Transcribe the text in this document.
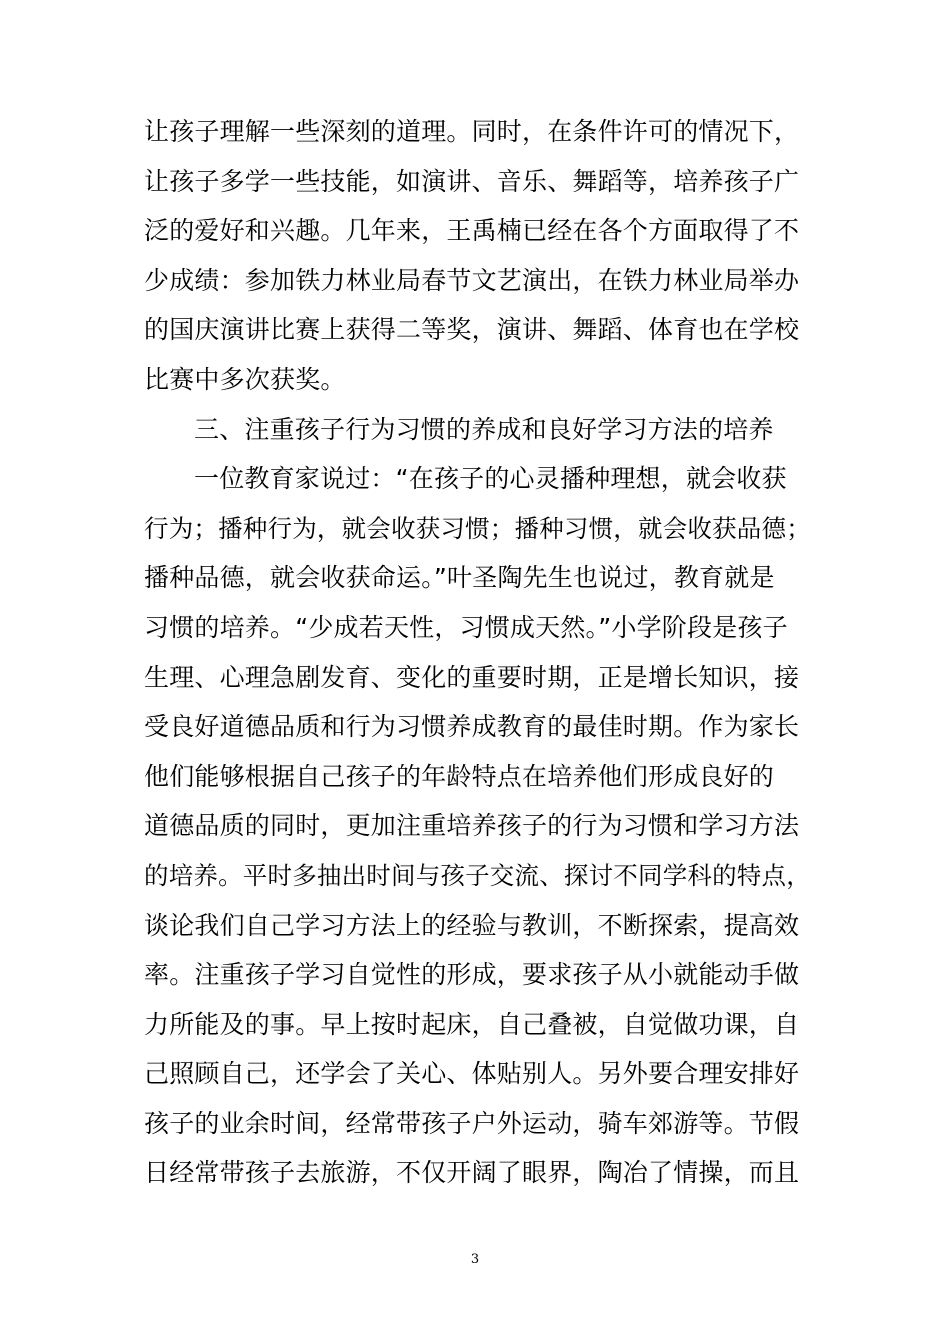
让孩子理解一些深刻的道理。同时，在条件许可的情况下，
让孩子多学一些技能，如演讲、音乐、舞蹈等，培养孩子广
泛的爱好和兴趣。几年来，王禹楠已经在各个方面取得了不
少成绩：参加铁力林业局春节文艺演出，在铁力林业局举办
的国庆演讲比赛上获得二等奖，演讲、舞蹈、体育也在学校
比赛中多次获奖。
三、注重孩子行为习惯的养成和良好学习方法的培养
一位教育家说过：“在孩子的心灵播种理想，就会收获
行为；播种行为，就会收获习惯；播种习惯，就会收获品德；
播种品德，就会收获命运。”叶圣陶先生也说过，教育就是
习惯的培养。“少成若天性，习惯成天然。”小学阶段是孩子
生理、心理急剧发育、变化的重要时期，正是增长知识，接
受良好道德品质和行为习惯养成教育的最佳时期。作为家长
他们能够根据自己孩子的年龄特点在培养他们形成良好的
道德品质的同时，更加注重培养孩子的行为习惯和学习方法
的培养。平时多抽出时间与孩子交流、探讨不同学科的特点，
谈论我们自己学习方法上的经验与教训，不断探索，提高效
率。注重孩子学习自觉性的形成，要求孩子从小就能动手做
力所能及的事。早上按时起床，自己叠被，自觉做功课，自
己照顾自己，还学会了关心、体贴别人。另外要合理安排好
孩子的业余时间，经常带孩子户外运动，骑车郊游等。节假
日经常带孩子去旅游，不仅开阔了眼界，陶冶了情操，而且
3
